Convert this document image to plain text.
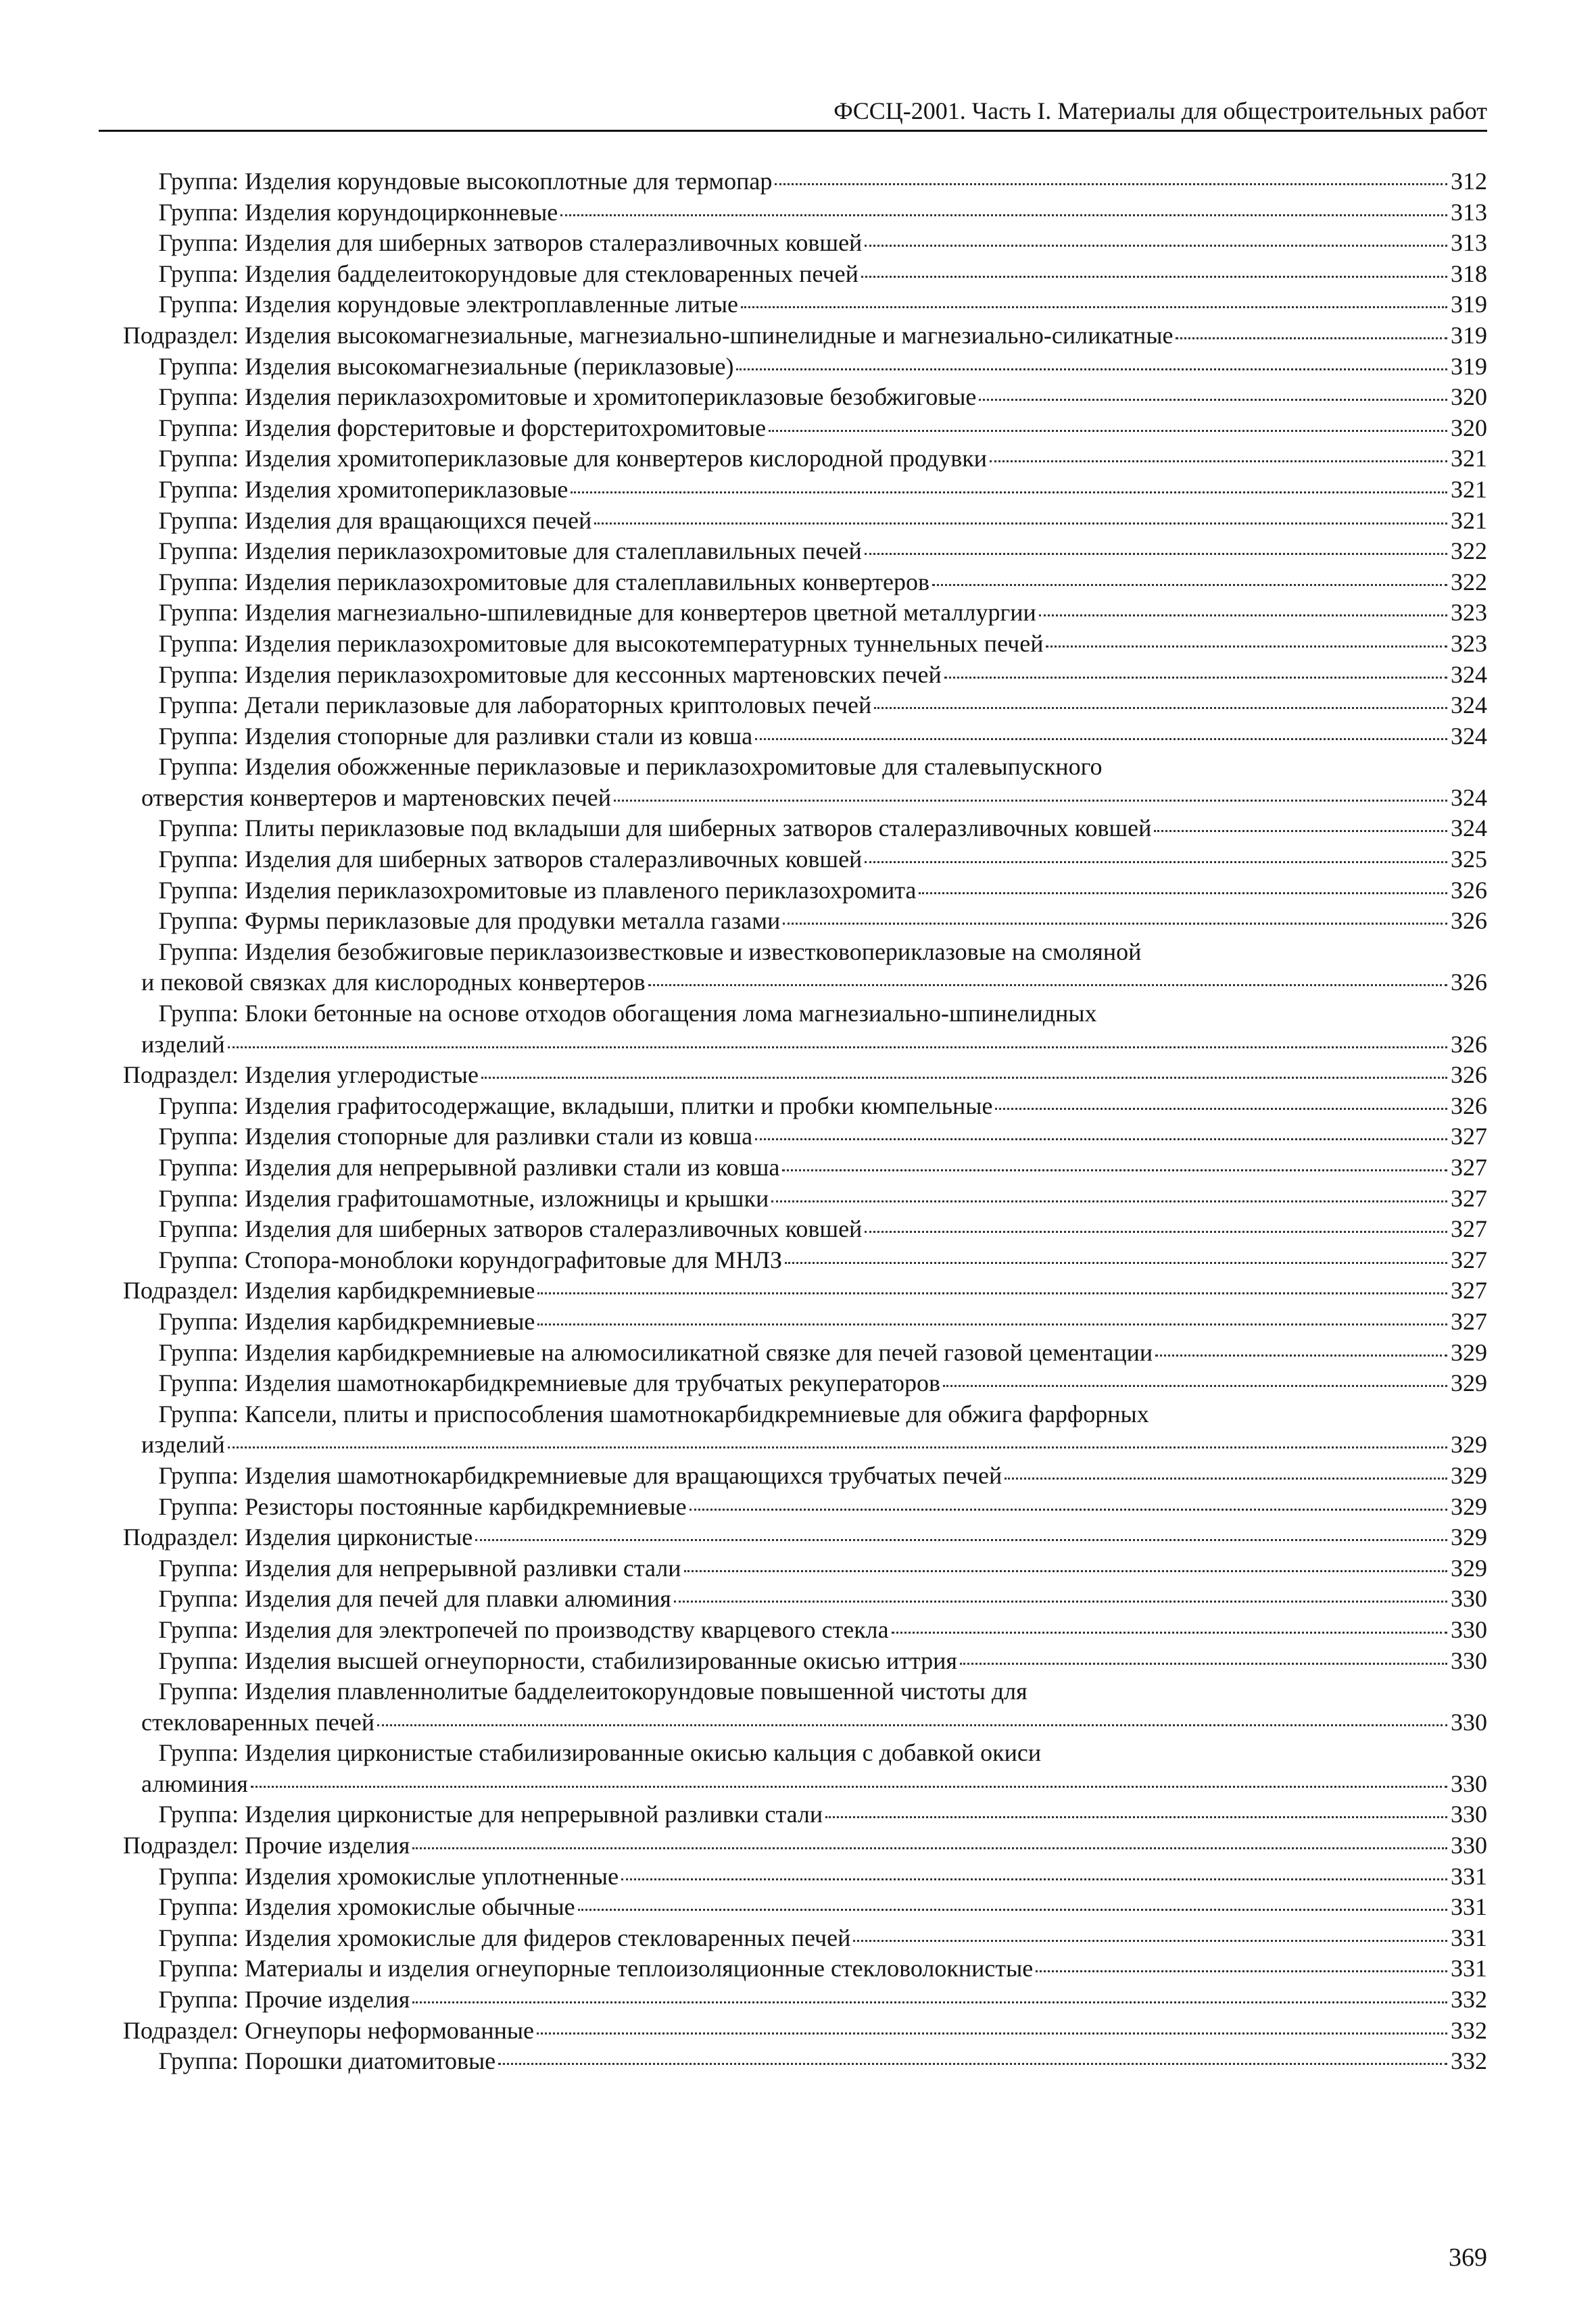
ФССЦ-2001. Часть I. Материалы для общестроительных работ
Группа:
Изделия корундовые высокоплотные для термопар	312
Группа:
Изделия корундоцирконневые	313
Группа:
Изделия для шиберных затворов сталеразливочных ковшей	313
Группа:
Изделия бадделеитокорундовые для стекловаренных печей	318
Группа:
Изделия корундовые электроплавленные литые	319
Подраздел:
Изделия высокомагнезиальные, магнезиально-шпинелидные и магнезиально-силикатные	319
Группа:
Изделия высокомагнезиальные (периклазовые)	319
Группа:
Изделия периклазохромитовые и хромитопериклазовые безобжиговые	320
Группа:
Изделия форстеритовые и форстеритохромитовые	320
Группа:
Изделия хромитопериклазовые для конвертеров кислородной продувки	321
Группа:
Изделия хромитопериклазовые	321
Группа:
Изделия для вращающихся печей	321
Группа:
Изделия периклазохромитовые для сталеплавильных печей	322
Группа:
Изделия периклазохромитовые для сталеплавильных конвертеров	322
Группа:
Изделия магнезиально-шпилевидные для конвертеров цветной металлургии	323
Группа:
Изделия периклазохромитовые для высокотемпературных туннельных печей	323
Группа:
Изделия периклазохромитовые для кессонных мартеновских печей	324
Группа:
Детали периклазовые для лабораторных криптоловых печей	324
Группа:
Изделия стопорные для разливки стали из ковша	324
Группа:
Изделия обожженные периклазовые и периклазохромитовые для сталевыпускного
отверстия конвертеров и мартеновских печей	324
Группа:
Плиты периклазовые под вкладыши для шиберных затворов сталеразливочных ковшей	324
Группа:
Изделия для шиберных затворов сталеразливочных ковшей	325
Группа:
Изделия периклазохромитовые из плавленого периклазохромита	326
Группа:
Фурмы периклазовые для продувки металла газами	326
Группа:
Изделия безобжиговые периклазоизвестковые и известковопериклазовые на смоляной
и пековой связках для кислородных конвертеров	326
Группа:
Блоки бетонные на основе отходов обогащения лома магнезиально-шпинелидных
изделий	326
Подраздел:
Изделия углеродистые	326
Группа:
Изделия графитосодержащие, вкладыши, плитки и пробки кюмпельные	326
Группа:
Изделия стопорные для разливки стали из ковша	327
Группа:
Изделия для непрерывной разливки стали из ковша	327
Группа:
Изделия графитошамотные, изложницы и крышки	327
Группа:
Изделия для шиберных затворов сталеразливочных ковшей	327
Группа:
Стопора-моноблоки корундографитовые для МНЛЗ	327
Подраздел:
Изделия карбидкремниевые	327
Группа:
Изделия карбидкремниевые	327
Группа:
Изделия карбидкремниевые на алюмосиликатной связке для печей газовой цементации	329
Группа:
Изделия шамотнокарбидкремниевые для трубчатых рекуператоров	329
Группа:
Капсели, плиты и приспособления шамотнокарбидкремниевые для обжига фарфорных
изделий	329
Группа:
Изделия шамотнокарбидкремниевые для вращающихся трубчатых печей	329
Группа:
Резисторы постоянные карбидкремниевые	329
Подраздел:
Изделия цирконистые	329
Группа:
Изделия для непрерывной разливки стали	329
Группа:
Изделия для печей для плавки алюминия	330
Группа:
Изделия для электропечей по производству кварцевого стекла	330
Группа:
Изделия высшей огнеупорности, стабилизированные окисью иттрия	330
Группа:
Изделия плавленнолитые бадделеитокорундовые повышенной чистоты для
стекловаренных печей	330
Группа:
Изделия цирконистые стабилизированные окисью кальция с добавкой окиси
алюминия	330
Группа:
Изделия цирконистые для непрерывной разливки стали	330
Подраздел:
Прочие изделия	330
Группа:
Изделия хромокислые уплотненные	331
Группа:
Изделия хромокислые обычные	331
Группа:
Изделия хромокислые для фидеров стекловаренных печей	331
Группа:
Материалы и изделия огнеупорные теплоизоляционные стекловолокнистые	331
Группа:
Прочие изделия	332
Подраздел:
Огнеупоры неформованные	332
Группа:
Порошки диатомитовые	332
369
